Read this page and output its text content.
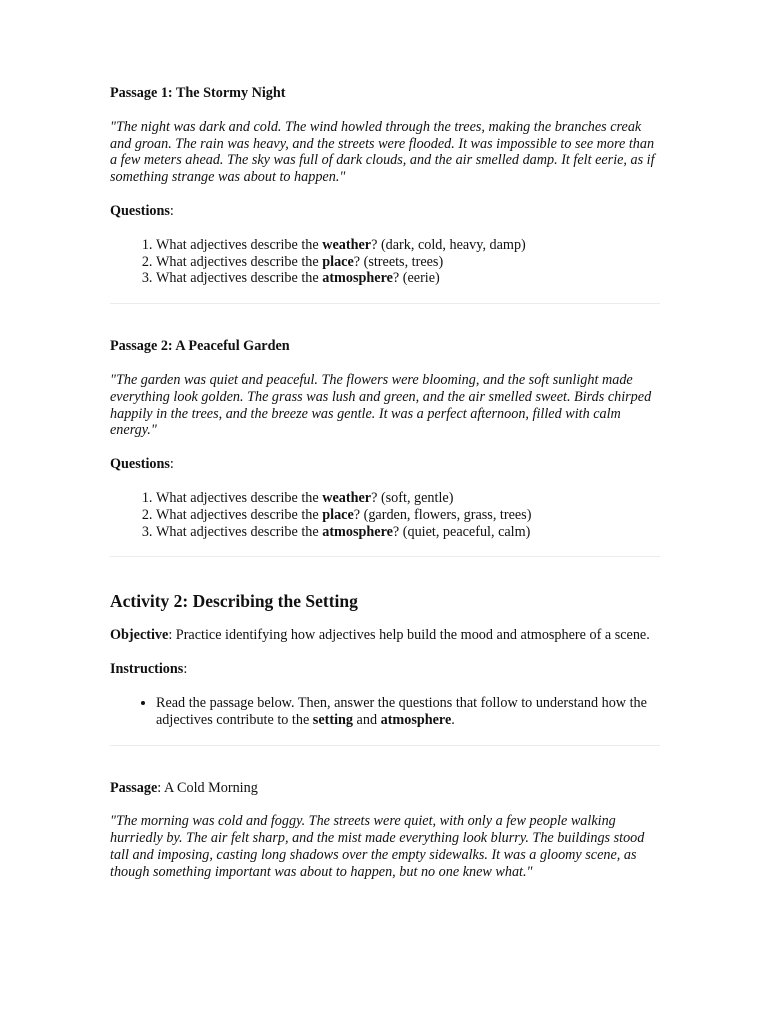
Passage 1: The Stormy Night
"The night was dark and cold. The wind howled through the trees, making the branches creak and groan. The rain was heavy, and the streets were flooded. It was impossible to see more than a few meters ahead. The sky was full of dark clouds, and the air smelled damp. It felt eerie, as if something strange was about to happen."
Questions:
1. What adjectives describe the weather? (dark, cold, heavy, damp)
2. What adjectives describe the place? (streets, trees)
3. What adjectives describe the atmosphere? (eerie)
Passage 2: A Peaceful Garden
"The garden was quiet and peaceful. The flowers were blooming, and the soft sunlight made everything look golden. The grass was lush and green, and the air smelled sweet. Birds chirped happily in the trees, and the breeze was gentle. It was a perfect afternoon, filled with calm energy."
Questions:
1. What adjectives describe the weather? (soft, gentle)
2. What adjectives describe the place? (garden, flowers, grass, trees)
3. What adjectives describe the atmosphere? (quiet, peaceful, calm)
Activity 2: Describing the Setting
Objective: Practice identifying how adjectives help build the mood and atmosphere of a scene.
Instructions:
• Read the passage below. Then, answer the questions that follow to understand how the adjectives contribute to the setting and atmosphere.
Passage: A Cold Morning
"The morning was cold and foggy. The streets were quiet, with only a few people walking hurriedly by. The air felt sharp, and the mist made everything look blurry. The buildings stood tall and imposing, casting long shadows over the empty sidewalks. It was a gloomy scene, as though something important was about to happen, but no one knew what."
